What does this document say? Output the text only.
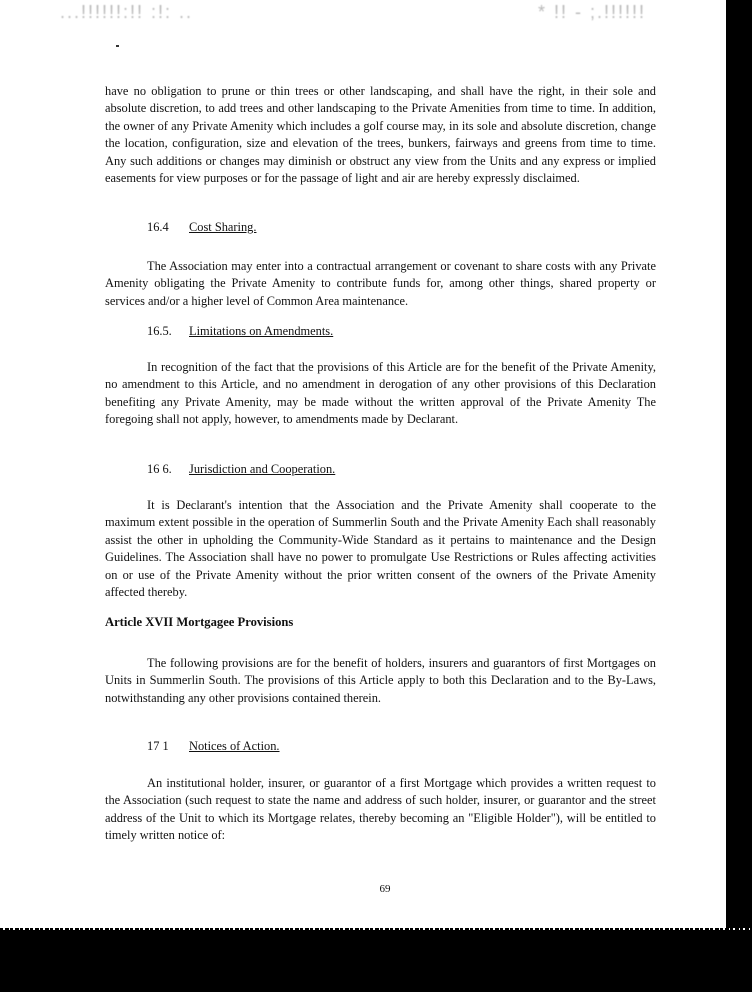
...!!!!!!:!! :!: ..	* !! - ;.!!!!!!

have no obligation to prune or thin trees or other landscaping, and shall have the right, in their sole and absolute discretion, to add trees and other landscaping to the Private Amenities from time to time. In addition, the owner of any Private Amenity which includes a golf course may, in its sole and absolute discretion, change the location, configuration, size and elevation of the trees, bunkers, fairways and greens from time to time. Any such additions or changes may diminish or obstruct any view from the Units and any express or implied easements for view purposes or for the passage of light and air are hereby expressly disclaimed.

16.4 Cost Sharing.

The Association may enter into a contractual arrangement or covenant to share costs with any Private Amenity obligating the Private Amenity to contribute funds for, among other things, shared property or services and/or a higher level of Common Area maintenance.

16.5. Limitations on Amendments.

In recognition of the fact that the provisions of this Article are for the benefit of the Private Amenity, no amendment to this Article, and no amendment in derogation of any other provisions of this Declaration benefiting any Private Amenity, may be made without the written approval of the Private Amenity The foregoing shall not apply, however, to amendments made by Declarant.

16 6. Jurisdiction and Cooperation.

It is Declarant's intention that the Association and the Private Amenity shall cooperate to the maximum extent possible in the operation of Summerlin South and the Private Amenity Each shall reasonably assist the other in upholding the Community-Wide Standard as it pertains to maintenance and the Design Guidelines. The Association shall have no power to promulgate Use Restrictions or Rules affecting activities on or use of the Private Amenity without the prior written consent of the owners of the Private Amenity affected thereby.

Article XVII Mortgagee Provisions

The following provisions are for the benefit of holders, insurers and guarantors of first Mortgages on Units in Summerlin South. The provisions of this Article apply to both this Declaration and to the By-Laws, notwithstanding any other provisions contained therein.

17 1 Notices of Action.

An institutional holder, insurer, or guarantor of a first Mortgage which provides a written request to the Association (such request to state the name and address of such holder, insurer, or guarantor and the street address of the Unit to which its Mortgage relates, thereby becoming an "Eligible Holder"), will be entitled to timely written notice of:

69
